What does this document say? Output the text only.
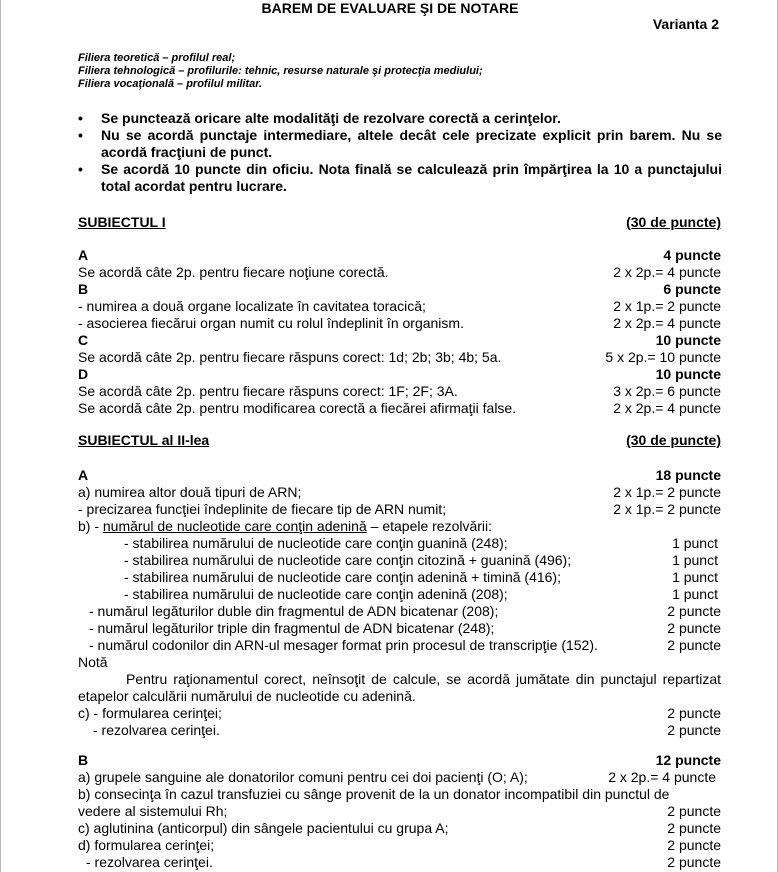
BAREM DE EVALUARE ŞI DE NOTARE
Varianta 2
Filiera teoretică – profilul real;
Filiera tehnologică – profilurile: tehnic, resurse naturale şi protecţia mediului;
Filiera vocaţională – profilul militar.
• Se punctează oricare alte modalităţi de rezolvare corectă a cerinţelor.
• Nu se acordă punctaje intermediare, altele decât cele precizate explicit prin barem. Nu se acordă fracţiuni de punct.
• Se acordă 10 puncte din oficiu. Nota finală se calculează prin împărţirea la 10 a punctajului total acordat pentru lucrare.
SUBIECTUL I	(30 de puncte)
A	4 puncte
Se acordă câte 2p. pentru fiecare noţiune corectă.	2 x 2p.= 4 puncte
B	6 puncte
- numirea a două organe localizate în cavitatea toracică;	2 x 1p.= 2 puncte
- asocierea fiecărui organ numit cu rolul îndeplinit în organism.	2 x 2p.= 4 puncte
C	10 puncte
Se acordă câte 2p. pentru fiecare răspuns corect: 1d; 2b; 3b; 4b; 5a.	5 x 2p.= 10 puncte
D	10 puncte
Se acordă câte 2p. pentru fiecare răspuns corect: 1F; 2F; 3A.	3 x 2p.= 6 puncte
Se acordă câte 2p. pentru modificarea corectă a fiecărei afirmaţii false.	2 x 2p.= 4 puncte
SUBIECTUL al II-lea	(30 de puncte)
A	18 puncte
a) numirea altor două tipuri de ARN;	2 x 1p.= 2 puncte
- precizarea funcţiei îndeplinite de fiecare tip de ARN numit;	2 x 1p.= 2 puncte
b) - numărul de nucleotide care conţin adenină – etapele rezolvării:
- stabilirea numărului de nucleotide care conţin guanină (248);	1 punct
- stabilirea numărului de nucleotide care conţin citozină + guanină (496);	1 punct
- stabilirea numărului de nucleotide care conţin adenină + timină (416);	1 punct
- stabilirea numărului de nucleotide care conţin adenină (208);	1 punct
- numărul legăturilor duble din fragmentul de ADN bicatenar (208);	2 puncte
- numărul legăturilor triple din fragmentul de ADN bicatenar (248);	2 puncte
- numărul codonilor din ARN-ul mesager format prin procesul de transcripţie (152).	2 puncte
Notă
Pentru raţionamentul corect, neînsoţit de calcule, se acordă jumătate din punctajul repartizat etapelor calculării numărului de nucleotide cu adenină.
c) - formularea cerinţei;	2 puncte
- rezolvarea cerinţei.	2 puncte
B	12 puncte
a) grupele sanguine ale donatorilor comuni pentru cei doi pacienţi (O; A);	2 x 2p.= 4 puncte
b) consecinţa în cazul transfuziei cu sânge provenit de la un donator incompatibil din punctul de
vedere al sistemului Rh;	2 puncte
c) aglutinina (anticorpul) din sângele pacientului cu grupa A;	2 puncte
d) formularea cerinţei;	2 puncte
- rezolvarea cerinţei.	2 puncte
